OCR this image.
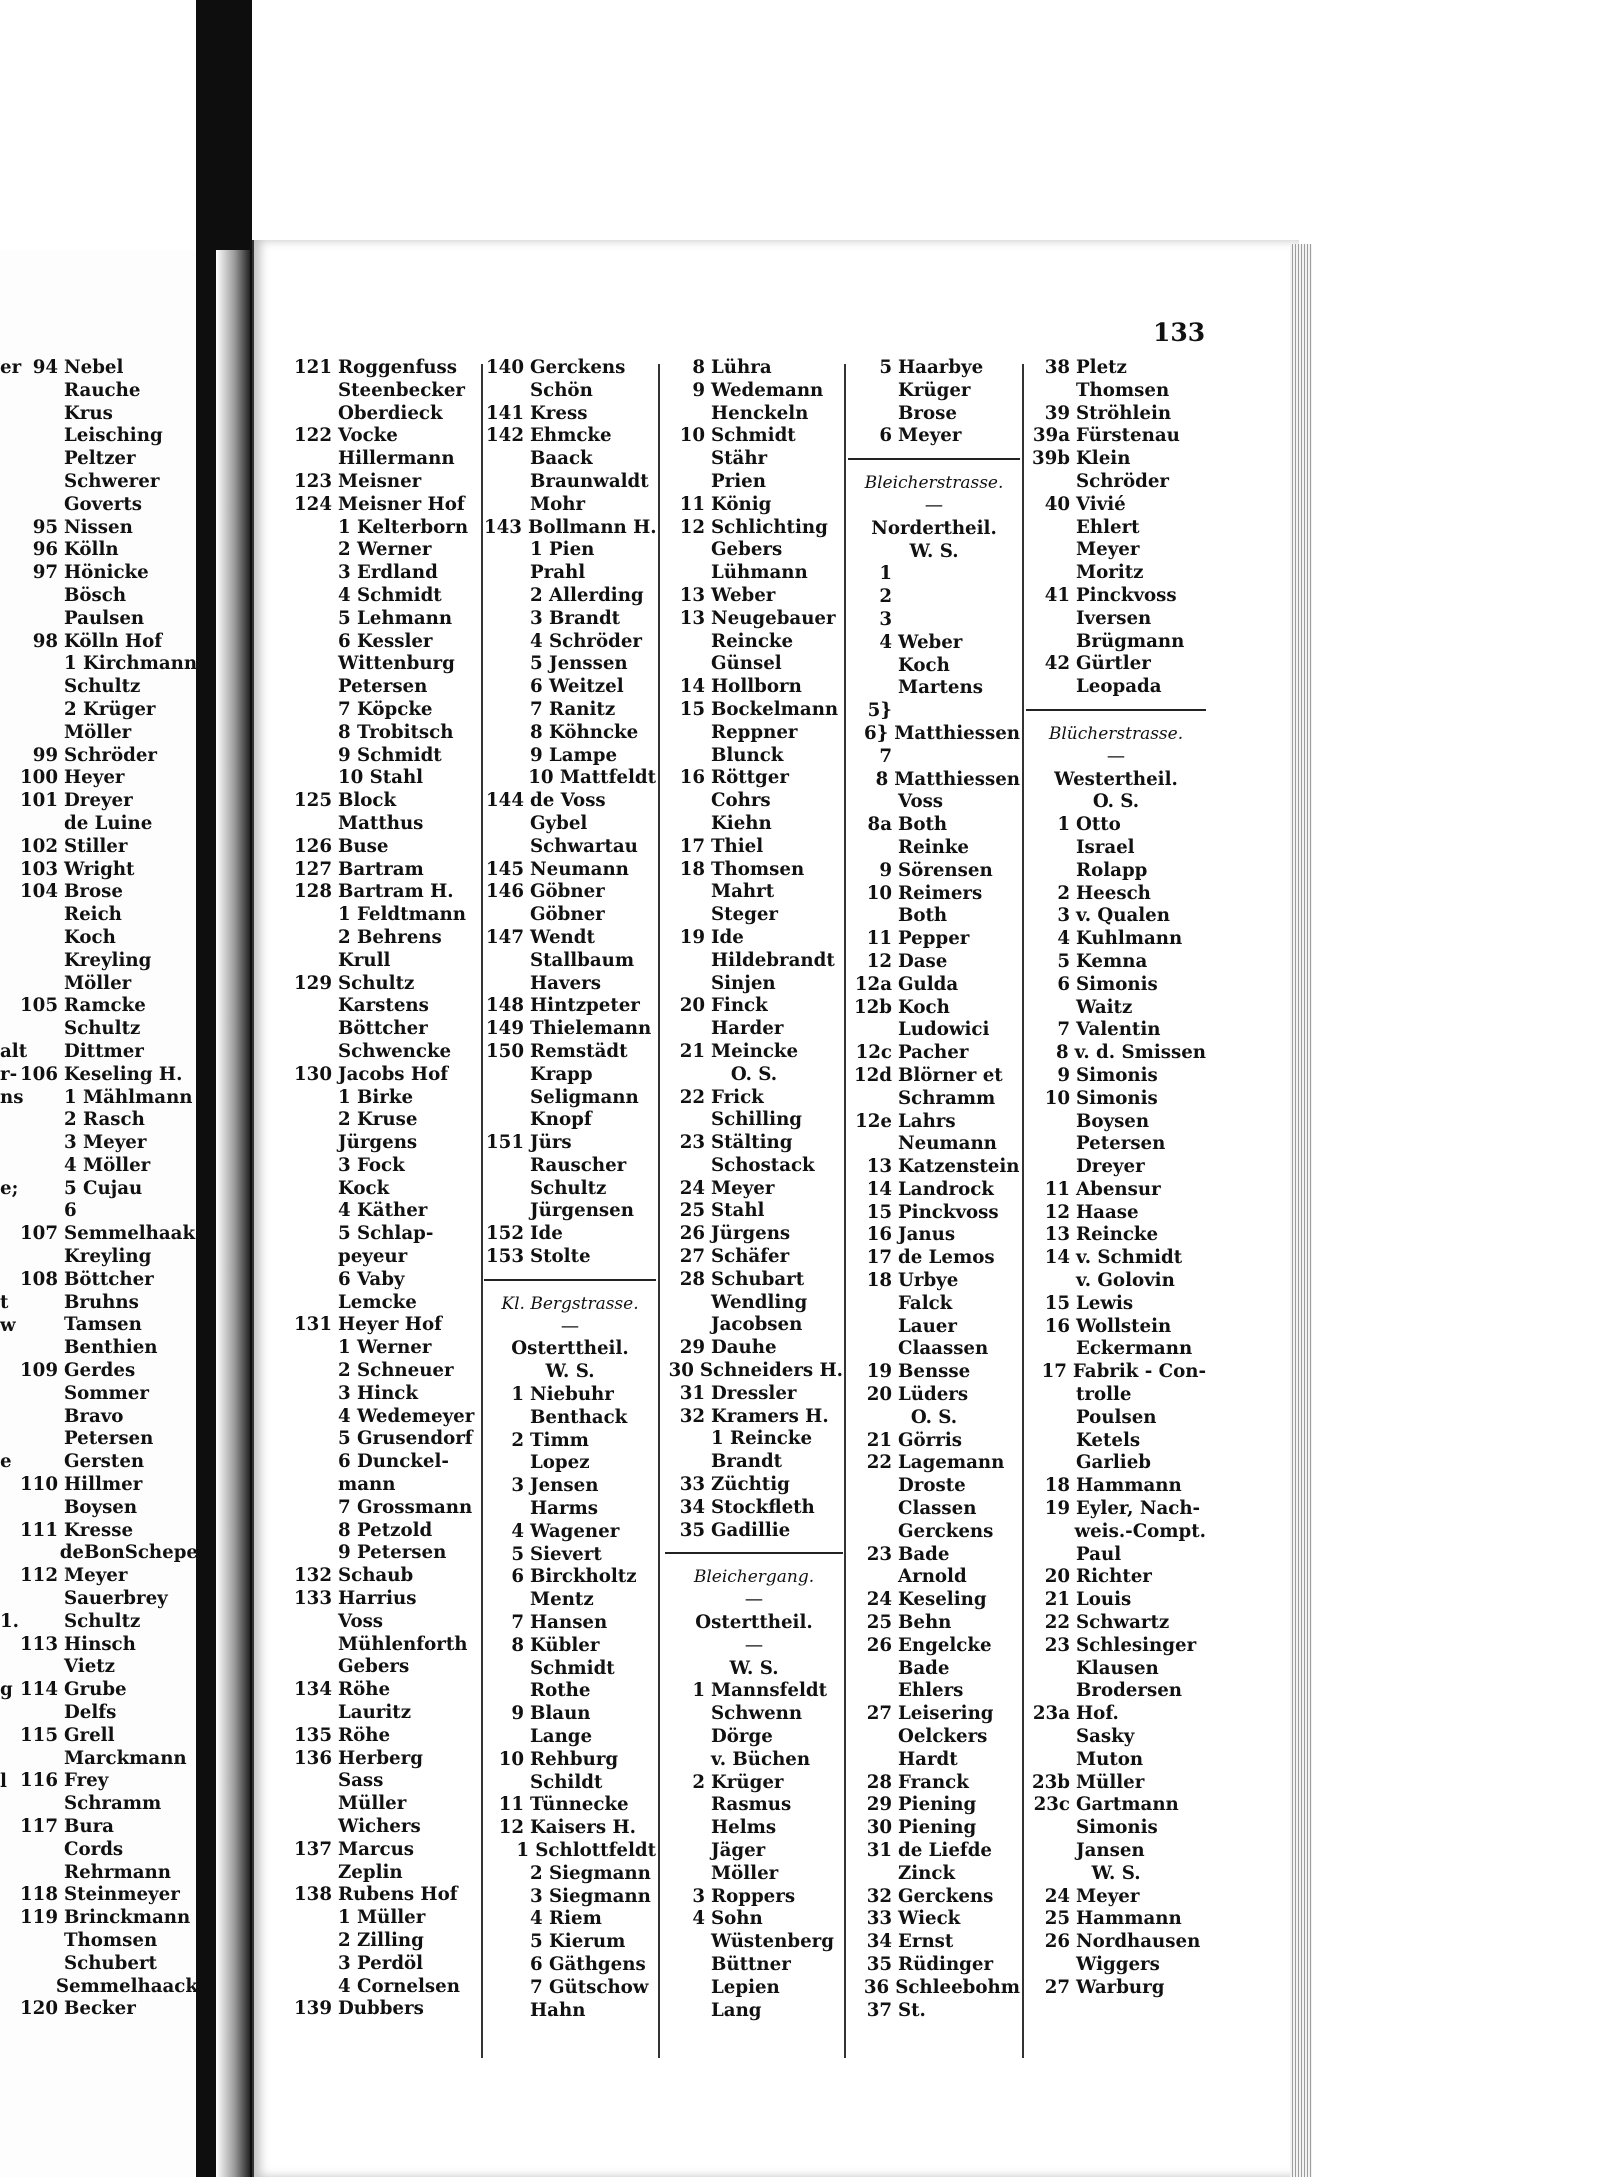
er
alt
r-
ns
e;
t
w
e
1.
g
l
94 Nebel
Rauche
Krus
Leisching
Peltzer
Schwerer
Goverts
95 Nissen
96 Kölln
97 Hönicke
Bösch
Paulsen
98 Kölln Hof
1 Kirchmann
Schultz
2 Krüger
Möller
99 Schröder
100 Heyer
101 Dreyer
de Luine
102 Stiller
103 Wright
104 Brose
Reich
Koch
Kreyling
Möller
105 Ramcke
Schultz
Dittmer
106 Keseling H.
1 Mählmann
2 Rasch
3 Meyer
4 Möller
5 Cujau
6
107 Semmelhaak
Kreyling
108 Böttcher
Bruhns
Tamsen
Benthien
109 Gerdes
Sommer
Bravo
Petersen
Gersten
110 Hillmer
Boysen
111 Kresse
deBonSchepe
112 Meyer
Sauerbrey
Schultz
113 Hinsch
Vietz
114 Grube
Delfs
115 Grell
Marckmann
116 Frey
Schramm
117 Bura
Cords
Rehrmann
118 Steinmeyer
119 Brinckmann
Thomsen
Schubert
Semmelhaack
120 Becker
133
121 Roggenfuss
Steenbecker
Oberdieck
122 Vocke
Hillermann
123 Meisner
124 Meisner Hof
1 Kelterborn
2 Werner
3 Erdland
4 Schmidt
5 Lehmann
6 Kessler
Wittenburg
Petersen
7 Köpcke
8 Trobitsch
9 Schmidt
10 Stahl
125 Block
Matthus
126 Buse
127 Bartram
128 Bartram H.
1 Feldtmann
2 Behrens
Krull
129 Schultz
Karstens
Böttcher
Schwencke
130 Jacobs Hof
1 Birke
2 Kruse
Jürgens
3 Fock
Kock
4 Käther
5 Schlap-
peyeur
6 Vaby
Lemcke
131 Heyer Hof
1 Werner
2 Schneuer
3 Hinck
4 Wedemeyer
5 Grusendorf
6 Dunckel-
mann
7 Grossmann
8 Petzold
9 Petersen
132 Schaub
133 Harrius
Voss
Mühlenforth
Gebers
134 Röhe
Lauritz
135 Röhe
136 Herberg
Sass
Müller
Wichers
137 Marcus
Zeplin
138 Rubens Hof
1 Müller
2 Zilling
3 Perdöl
4 Cornelsen
139 Dubbers
140 Gerckens
Schön
141 Kress
142 Ehmcke
Baack
Braunwaldt
Mohr
143 Bollmann H.
1 Pien
Prahl
2 Allerding
3 Brandt
4 Schröder
5 Jenssen
6 Weitzel
7 Ranitz
8 Köhncke
9 Lampe
10 Mattfeldt
144 de Voss
Gybel
Schwartau
145 Neumann
146 Göbner
Göbner
147 Wendt
Stallbaum
Havers
148 Hintzpeter
149 Thielemann
150 Remstädt
Krapp
Seligmann
Knopf
151 Jürs
Rauscher
Schultz
Jürgensen
152 Ide
153 Stolte
Kl. Bergstrasse.
—
Osterttheil.
W. S.
1 Niebuhr
Benthack
2 Timm
Lopez
3 Jensen
Harms
4 Wagener
5 Sievert
6 Birckholtz
Mentz
7 Hansen
8 Kübler
Schmidt
Rothe
9 Blaun
Lange
10 Rehburg
Schildt
11 Tünnecke
12 Kaisers H.
1 Schlottfeldt
2 Siegmann
3 Siegmann
4 Riem
5 Kierum
6 Gäthgens
7 Gütschow
Hahn
8 Lühra
9 Wedemann
Henckeln
10 Schmidt
Stähr
Prien
11 König
12 Schlichting
Gebers
Lühmann
13 Weber
13 Neugebauer
Reincke
Günsel
14 Hollborn
15 Bockelmann
Reppner
Blunck
16 Röttger
Cohrs
Kiehn
17 Thiel
18 Thomsen
Mahrt
Steger
19 Ide
Hildebrandt
Sinjen
20 Finck
Harder
21 Meincke
O. S.
22 Frick
Schilling
23 Stälting
Schostack
24 Meyer
25 Stahl
26 Jürgens
27 Schäfer
28 Schubart
Wendling
Jacobsen
29 Dauhe
30 Schneiders H.
31 Dressler
32 Kramers H.
1 Reincke
Brandt
33 Züchtig
34 Stockfleth
35 Gadillie
Bleichergang.
—
Osterttheil.
—
W. S.
1 Mannsfeldt
Schwenn
Dörge
v. Büchen
2 Krüger
Rasmus
Helms
Jäger
Möller
3 Roppers
4 Sohn
Wüstenberg
Büttner
Lepien
Lang
5 Haarbye
Krüger
Brose
6 Meyer
Bleicherstrasse.
—
Nordertheil.
W. S.
1
2
3
4 Weber
Koch
Martens
5}
6} Matthiessen
7
8 Matthiessen
Voss
8a Both
Reinke
9 Sörensen
10 Reimers
Both
11 Pepper
12 Dase
12a Gulda
12b Koch
Ludowici
12c Pacher
12d Blörner et
Schramm
12e Lahrs
Neumann
13 Katzenstein
14 Landrock
15 Pinckvoss
16 Janus
17 de Lemos
18 Urbye
Falck
Lauer
Claassen
19 Bensse
20 Lüders
O. S.
21 Görris
22 Lagemann
Droste
Classen
Gerckens
23 Bade
Arnold
24 Keseling
25 Behn
26 Engelcke
Bade
Ehlers
27 Leisering
Oelckers
Hardt
28 Franck
29 Piening
30 Piening
31 de Liefde
Zinck
32 Gerckens
33 Wieck
34 Ernst
35 Rüdinger
36 Schleebohm
37 St.
38 Pletz
Thomsen
39 Ströhlein
39a Fürstenau
39b Klein
Schröder
40 Vivié
Ehlert
Meyer
Moritz
41 Pinckvoss
Iversen
Brügmann
42 Gürtler
Leopada
Blücherstrasse.
—
Westertheil.
O. S.
1 Otto
Israel
Rolapp
2 Heesch
3 v. Qualen
4 Kuhlmann
5 Kemna
6 Simonis
Waitz
7 Valentin
8 v. d. Smissen
9 Simonis
10 Simonis
Boysen
Petersen
Dreyer
11 Abensur
12 Haase
13 Reincke
14 v. Schmidt
v. Golovin
15 Lewis
16 Wollstein
Eckermann
17 Fabrik - Con-
trolle
Poulsen
Ketels
Garlieb
18 Hammann
19 Eyler, Nach-
weis.-Compt.
Paul
20 Richter
21 Louis
22 Schwartz
23 Schlesinger
Klausen
Brodersen
23a Hof.
Sasky
Muton
23b Müller
23c Gartmann
Simonis
Jansen
W. S.
24 Meyer
25 Hammann
26 Nordhausen
Wiggers
27 Warburg
